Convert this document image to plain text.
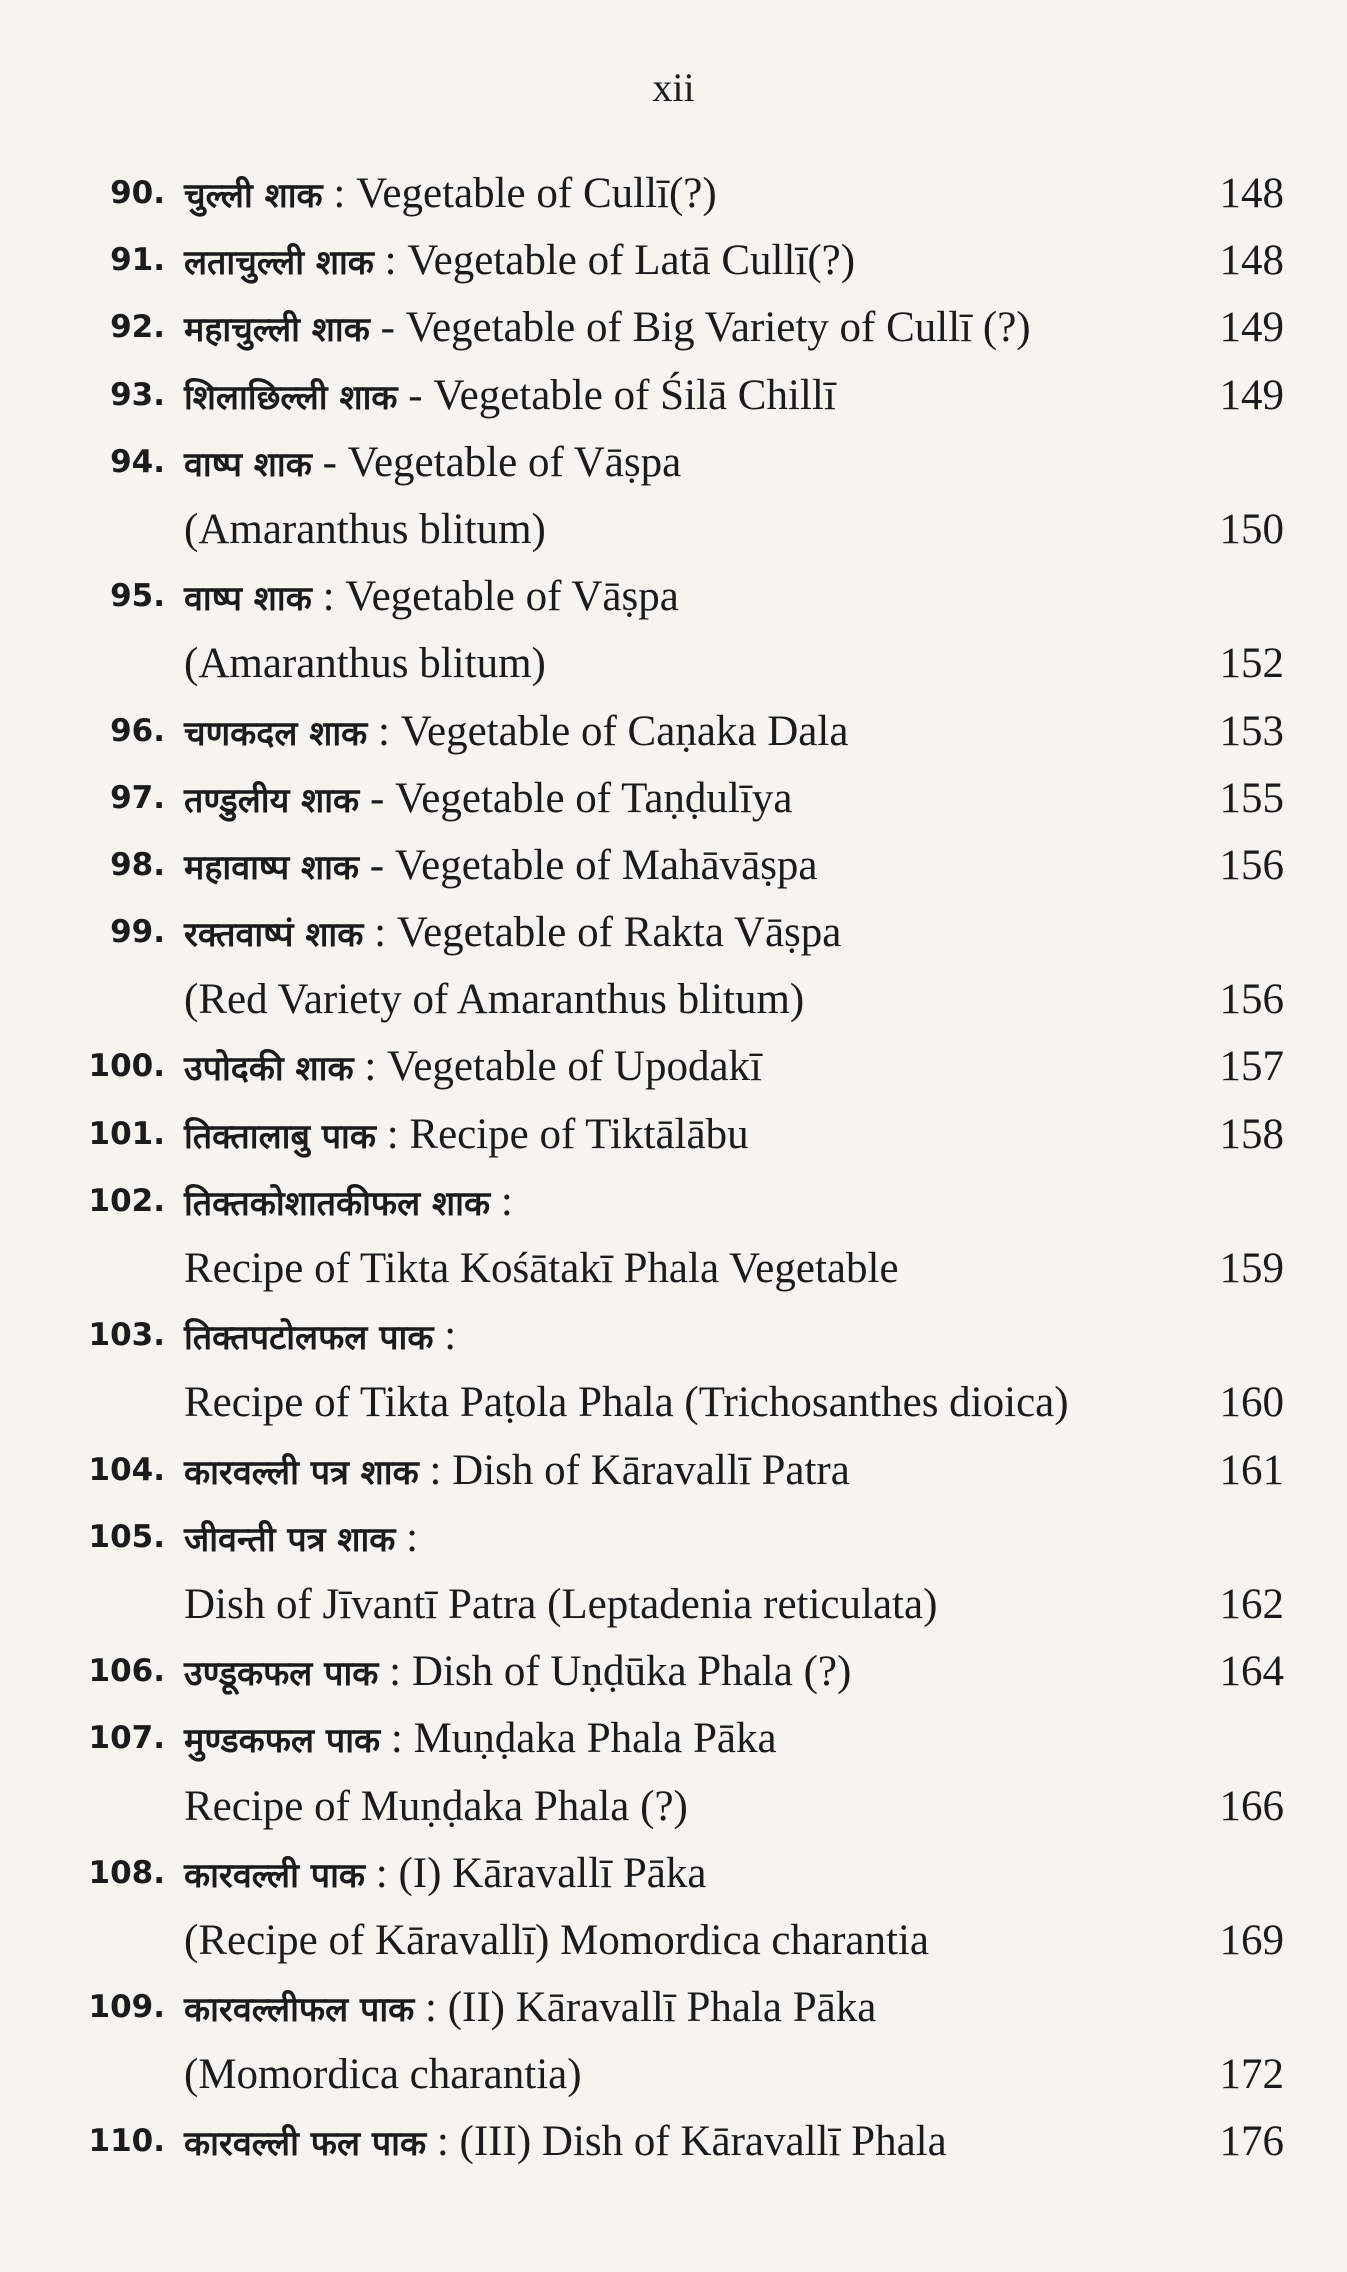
xii
90. चुल्ली शाक : Vegetable of Cullī(?)	148
91. लताचुल्ली शाक : Vegetable of Latā Cullī(?)	148
92. महाचुल्ली शाक - Vegetable of Big Variety of Cullī (?)	149
93. शिलाछिल्ली शाक - Vegetable of Śilā Chillī	149
94. वाष्प शाक - Vegetable of Vāṣpa
(Amaranthus blitum)	150
95. वाष्प शाक : Vegetable of Vāṣpa
(Amaranthus blitum)	152
96. चणकदल शाक : Vegetable of Caṇaka Dala	153
97. तण्डुलीय शाक - Vegetable of Taṇḍulīya	155
98. महावाष्प शाक - Vegetable of Mahāvāṣpa	156
99. रक्तवाष्पं शाक : Vegetable of Rakta Vāṣpa
(Red Variety of Amaranthus blitum)	156
100. उपोदकी शाक : Vegetable of Upodakī	157
101. तिक्तालाबु पाक : Recipe of Tiktālābu	158
102. तिक्तकोशातकीफल शाक :
Recipe of Tikta Kośātakī Phala Vegetable	159
103. तिक्तपटोलफल पाक :
Recipe of Tikta Paṭola Phala (Trichosanthes dioica)	160
104. कारवल्ली पत्र शाक : Dish of Kāravallī Patra	161
105. जीवन्ती पत्र शाक :
Dish of Jīvantī Patra (Leptadenia reticulata)	162
106. उण्डूकफल पाक : Dish of Uṇḍūka Phala (?)	164
107. मुण्डकफल पाक : Muṇḍaka Phala Pāka
Recipe of Muṇḍaka Phala (?)	166
108. कारवल्ली पाक : (I) Kāravallī Pāka
(Recipe of Kāravallī) Momordica charantia	169
109. कारवल्लीफल पाक : (II) Kāravallī Phala Pāka
(Momordica charantia)	172
110. कारवल्ली फल पाक : (III) Dish of Kāravallī Phala	176
